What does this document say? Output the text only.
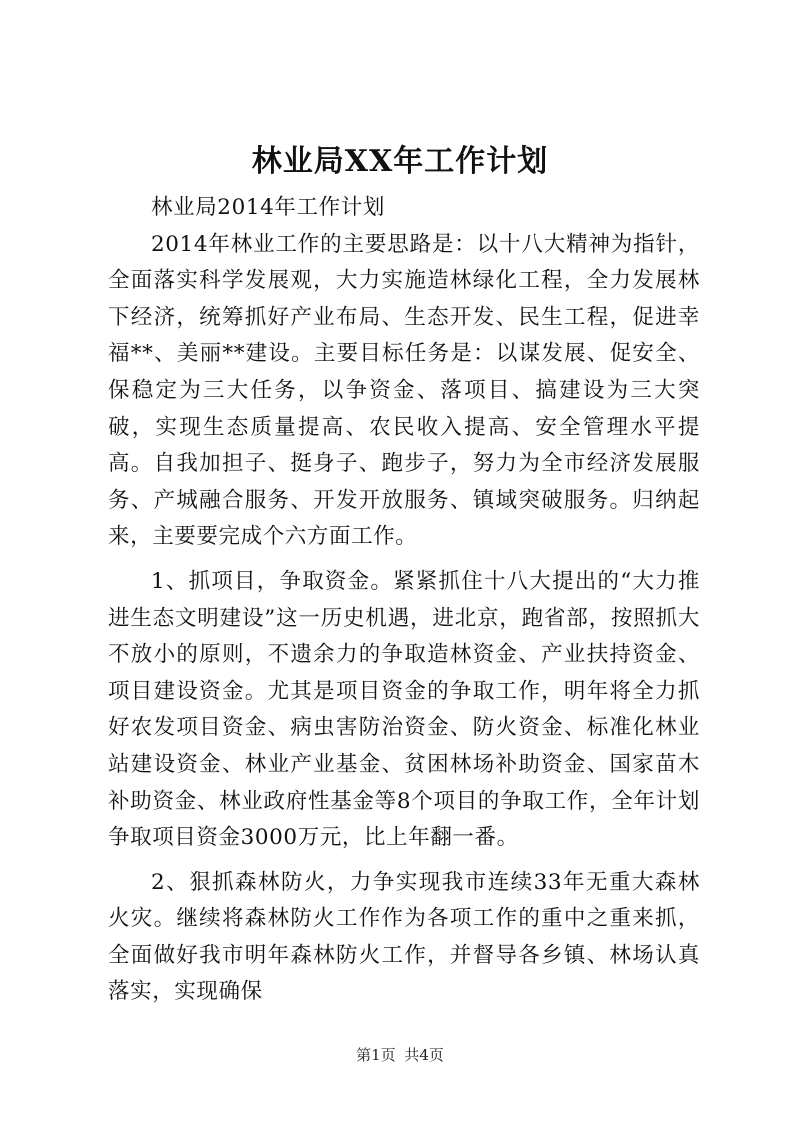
林业局XX年工作计划

林业局2014年工作计划

2014年林业工作的主要思路是：以十八大精神为指针，全面落实科学发展观，大力实施造林绿化工程，全力发展林下经济，统筹抓好产业布局、生态开发、民生工程，促进幸福**、美丽**建设。主要目标任务是：以谋发展、促安全、保稳定为三大任务，以争资金、落项目、搞建设为三大突破，实现生态质量提高、农民收入提高、安全管理水平提高。自我加担子、挺身子、跑步子，努力为全市经济发展服务、产城融合服务、开发开放服务、镇域突破服务。归纳起来，主要要完成个六方面工作。

1、抓项目，争取资金。紧紧抓住十八大提出的“大力推进生态文明建设”这一历史机遇，进北京，跑省部，按照抓大不放小的原则，不遗余力的争取造林资金、产业扶持资金、项目建设资金。尤其是项目资金的争取工作，明年将全力抓好农发项目资金、病虫害防治资金、防火资金、标准化林业站建设资金、林业产业基金、贫困林场补助资金、国家苗木补助资金、林业政府性基金等8个项目的争取工作，全年计划争取项目资金3000万元，比上年翻一番。

2、狠抓森林防火，力争实现我市连续33年无重大森林火灾。继续将森林防火工作作为各项工作的重中之重来抓，全面做好我市明年森林防火工作，并督导各乡镇、林场认真落实，实现确保

第1页 共4页
